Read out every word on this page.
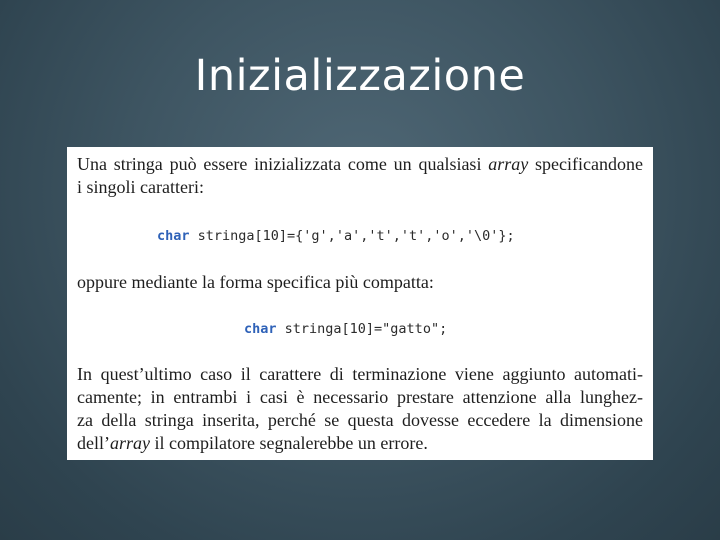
Inizializzazione
Una stringa può essere inizializzata come un qualsiasi array specificandone
i singoli caratteri:
char stringa[10]={'g','a','t','t','o','\0'};
oppure mediante la forma specifica più compatta:
char stringa[10]="gatto";
In quest’ultimo caso il carattere di terminazione viene aggiunto automati-
camente; in entrambi i casi è necessario prestare attenzione alla lunghez-
za della stringa inserita, perché se questa dovesse eccedere la dimensione
dell’array il compilatore segnalerebbe un errore.
